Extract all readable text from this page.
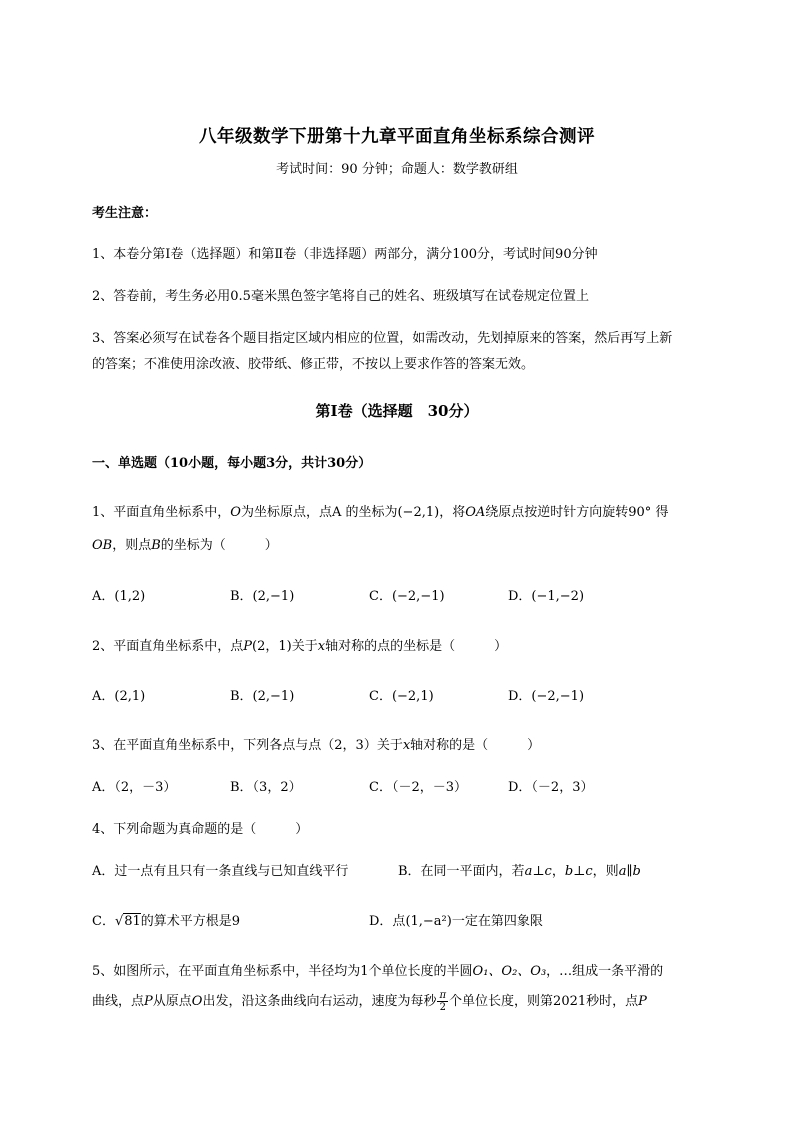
八年级数学下册第十九章平面直角坐标系综合测评
考试时间：90 分钟；命题人：数学教研组
考生注意：
1、本卷分第I卷（选择题）和第Ⅱ卷（非选择题）两部分，满分100分，考试时间90分钟
2、答卷前，考生务必用0.5毫米黑色签字笔将自己的姓名、班级填写在试卷规定位置上
3、答案必须写在试卷各个题目指定区域内相应的位置，如需改动，先划掉原来的答案，然后再写上新
的答案；不准使用涂改液、胶带纸、修正带，不按以上要求作答的答案无效。
第I卷（选择题　30分）
一、单选题（10小题，每小题3分，共计30分）
1、平面直角坐标系中，O为坐标原点，点A 的坐标为(−2,1)，将OA绕原点按逆时针方向旋转90° 得
OB，则点B的坐标为（　　　）
A．(1,2)	B．(2,−1)	C．(−2,−1)	D．(−1,−2)
2、平面直角坐标系中，点P(2，1)关于x轴对称的点的坐标是（　　　）
A．(2,1)	B．(2,−1)	C．(−2,1)	D．(−2,−1)
3、在平面直角坐标系中，下列各点与点（2，3）关于x轴对称的是（　　　）
A．（2，－3）	B．（3，2）	C．（－2，－3）	D．（－2，3）
4、下列命题为真命题的是（　　　）
A．过一点有且只有一条直线与已知直线平行	B．在同一平面内，若a⊥c，b⊥c，则a∥b
C．√81的算术平方根是9	D．点(1,−a²)一定在第四象限
5、如图所示，在平面直角坐标系中，半径均为1个单位长度的半圆O₁、O₂、O₃，…组成一条平滑的
曲线，点P从原点O出发，沿这条曲线向右运动，速度为每秒 $\frac{\pi}{2}$ 个单位长度，则第2021秒时，点P
